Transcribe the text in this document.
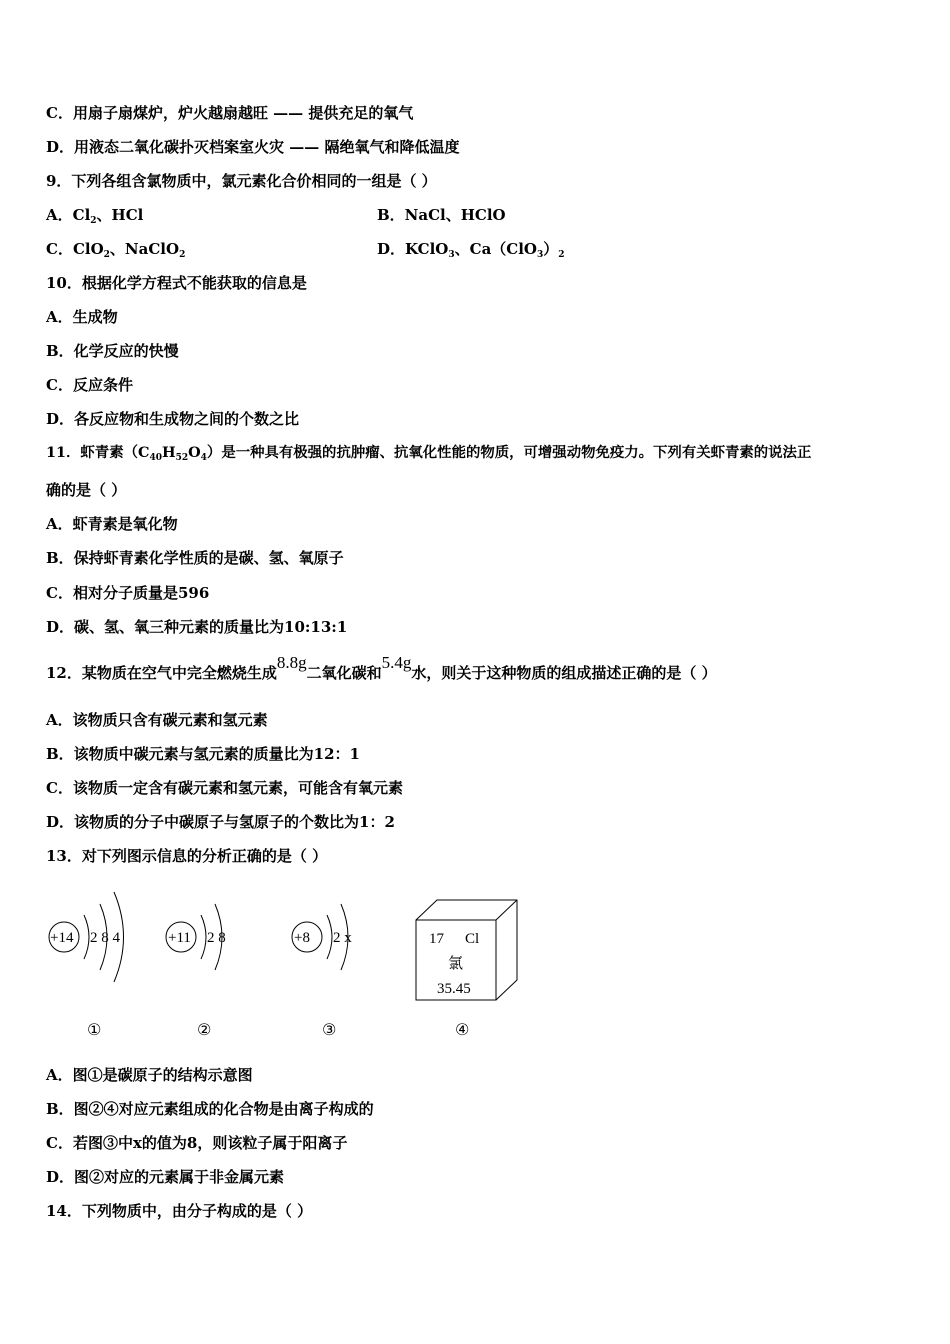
C．用扇子扇煤炉，炉火越扇越旺 —— 提供充足的氧气
D．用液态二氧化碳扑灭档案室火灾 —— 隔绝氧气和降低温度
9．下列各组含氯物质中，氯元素化合价相同的一组是（ ）
A．$Cl_2$、HCl	B．NaCl、HClO
C．ClO$_2$、NaClO$_2$	D．KClO$_3$、$Ca(ClO_3)_2$
10．根据化学方程式不能获取的信息是
A．生成物
B．化学反应的快慢
C．反应条件
D．各反应物和生成物之间的个数之比
11．虾青素$(C_{40}H_{52}O_4)$是一种具有极强的抗肿瘤、抗氧化性能的物质，可增强动物免疫力。下列有关虾青素的说法正
确的是（ ）
A．虾青素是氧化物
B．保持虾青素化学性质的是碳、氢、氧原子
C．相对分子质量是596
D．碳、氢、氧三种元素的质量比为10:13:1
12．某物质在空气中完全燃烧生成8.8g二氧化碳和5.4g水，则关于这种物质的组成描述正确的是（ ）
A．该物质只含有碳元素和氢元素
B．该物质中碳元素与氢元素的质量比为12：1
C．该物质一定含有碳元素和氢元素，可能含有氧元素
D．该物质的分子中碳原子与氢原子的个数比为1：2
13．对下列图示信息的分析正确的是（ ）
+14 2 8 4	+11 2 8	+8 2 x	17 Cl
氯
35.45
①	②	③	④
A．图①是碳原子的结构示意图
B．图②④对应元素组成的化合物是由离子构成的
C．若图③中x的值为8，则该粒子属于阳离子
D．图②对应的元素属于非金属元素
14．下列物质中，由分子构成的是（ ）
